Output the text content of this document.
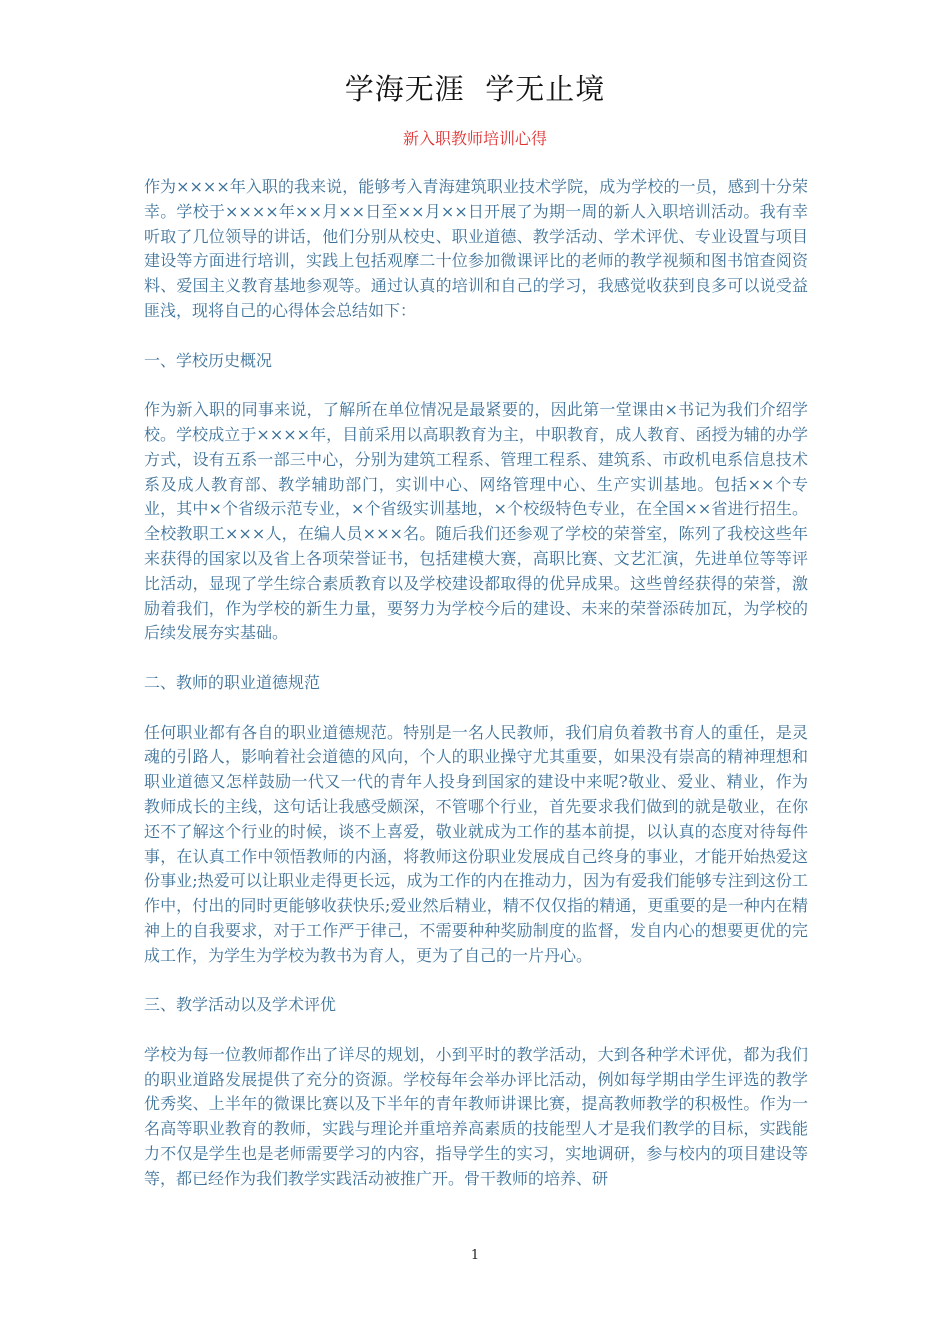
学海无涯  学无止境
新入职教师培训心得

作为××××年入职的我来说，能够考入青海建筑职业技术学院，成为学校的一员，感到十分荣幸。学校于××××年××月××日至××月××日开展了为期一周的新人入职培训活动。我有幸听取了几位领导的讲话，他们分别从校史、职业道德、教学活动、学术评优、专业设置与项目建设等方面进行培训，实践上包括观摩二十位参加微课评比的老师的教学视频和图书馆查阅资料、爱国主义教育基地参观等。通过认真的培训和自己的学习，我感觉收获到良多可以说受益匪浅，现将自己的心得体会总结如下：

一、学校历史概况

作为新入职的同事来说，了解所在单位情况是最紧要的，因此第一堂课由×书记为我们介绍学校。学校成立于××××年，目前采用以高职教育为主，中职教育，成人教育、函授为辅的办学方式，设有五系一部三中心，分别为建筑工程系、管理工程系、建筑系、市政机电系信息技术系及成人教育部、教学辅助部门，实训中心、网络管理中心、生产实训基地。包括××个专业，其中×个省级示范专业，×个省级实训基地，×个校级特色专业，在全国××省进行招生。全校教职工×××人，在编人员×××名。随后我们还参观了学校的荣誉室，陈列了我校这些年来获得的国家以及省上各项荣誉证书，包括建模大赛，高职比赛、文艺汇演，先进单位等等评比活动，显现了学生综合素质教育以及学校建设都取得的优异成果。这些曾经获得的荣誉，激励着我们，作为学校的新生力量，要努力为学校今后的建设、未来的荣誉添砖加瓦，为学校的后续发展夯实基础。

二、教师的职业道德规范

任何职业都有各自的职业道德规范。特别是一名人民教师，我们肩负着教书育人的重任，是灵魂的引路人，影响着社会道德的风向，个人的职业操守尤其重要，如果没有崇高的精神理想和职业道德又怎样鼓励一代又一代的青年人投身到国家的建设中来呢?敬业、爱业、精业，作为教师成长的主线，这句话让我感受颇深，不管哪个行业，首先要求我们做到的就是敬业，在你还不了解这个行业的时候，谈不上喜爱，敬业就成为工作的基本前提，以认真的态度对待每件事，在认真工作中领悟教师的内涵，将教师这份职业发展成自己终身的事业，才能开始热爱这份事业;热爱可以让职业走得更长远，成为工作的内在推动力，因为有爱我们能够专注到这份工作中，付出的同时更能够收获快乐;爱业然后精业，精不仅仅指的精通，更重要的是一种内在精神上的自我要求，对于工作严于律己，不需要种种奖励制度的监督，发自内心的想要更优的完成工作，为学生为学校为教书为育人，更为了自己的一片丹心。

三、教学活动以及学术评优

学校为每一位教师都作出了详尽的规划，小到平时的教学活动，大到各种学术评优，都为我们的职业道路发展提供了充分的资源。学校每年会举办评比活动，例如每学期由学生评选的教学优秀奖、上半年的微课比赛以及下半年的青年教师讲课比赛，提高教师教学的积极性。作为一名高等职业教育的教师，实践与理论并重培养高素质的技能型人才是我们教学的目标，实践能力不仅是学生也是老师需要学习的内容，指导学生的实习，实地调研，参与校内的项目建设等等，都已经作为我们教学实践活动被推广开。骨干教师的培养、研

1
